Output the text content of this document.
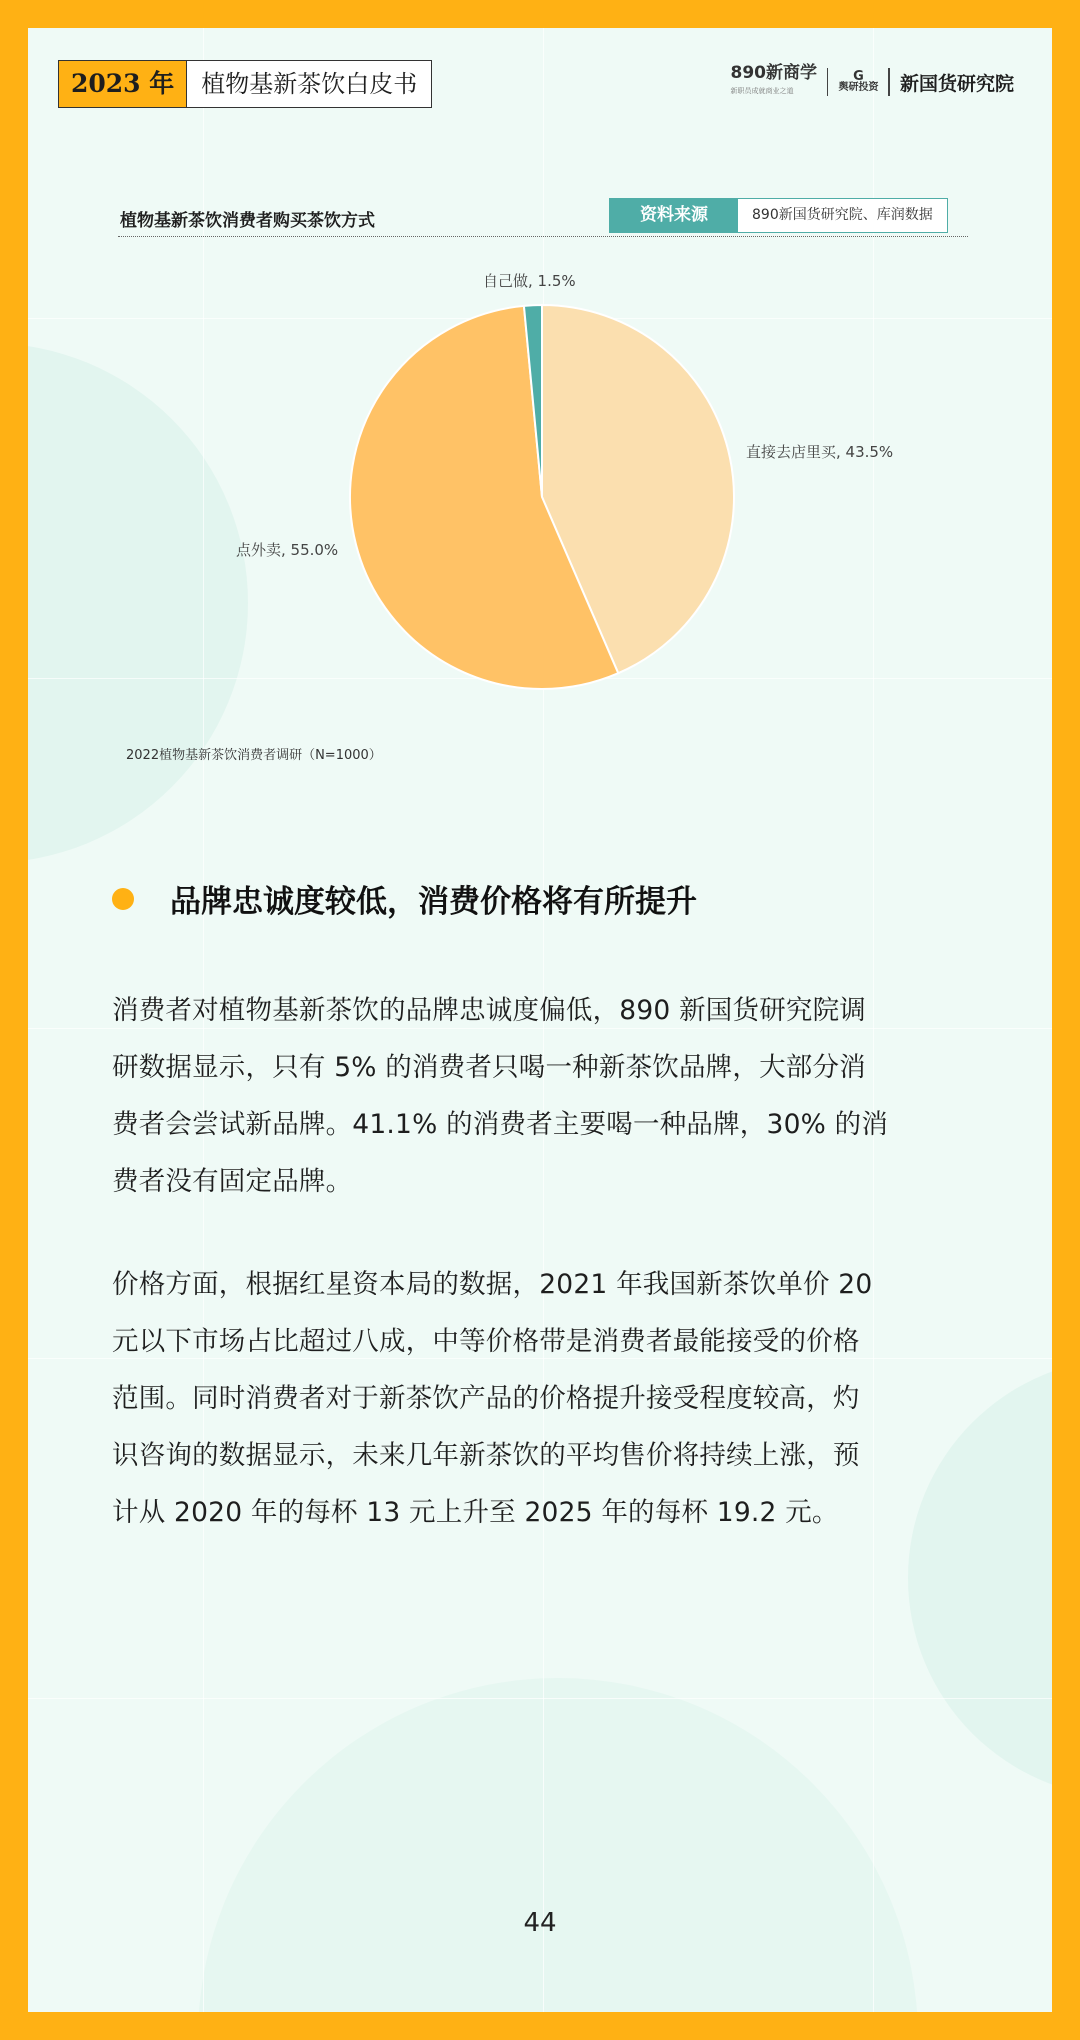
2023 年	植物基新茶饮白皮书	890新商学
新职员成就商业之道
G
舆研投资 新国货研究院
植物基新茶饮消费者购买茶饮方式	资料来源	890新国货研究院、库润数据
直接去店里买, 43.5%
点外卖, 55.0%
自己做, 1.5%
2022植物基新茶饮消费者调研（N=1000）
品牌忠诚度较低，消费价格将有所提升
消费者对植物基新茶饮的品牌忠诚度偏低，890 新国货研究院调
研数据显示，只有 5% 的消费者只喝一种新茶饮品牌，大部分消
费者会尝试新品牌。41.1% 的消费者主要喝一种品牌，30% 的消
费者没有固定品牌。
价格方面，根据红星资本局的数据，2021 年我国新茶饮单价 20
元以下市场占比超过八成，中等价格带是消费者最能接受的价格
范围。同时消费者对于新茶饮产品的价格提升接受程度较高，灼
识咨询的数据显示，未来几年新茶饮的平均售价将持续上涨，预
计从 2020 年的每杯 13 元上升至 2025 年的每杯 19.2 元。
44
